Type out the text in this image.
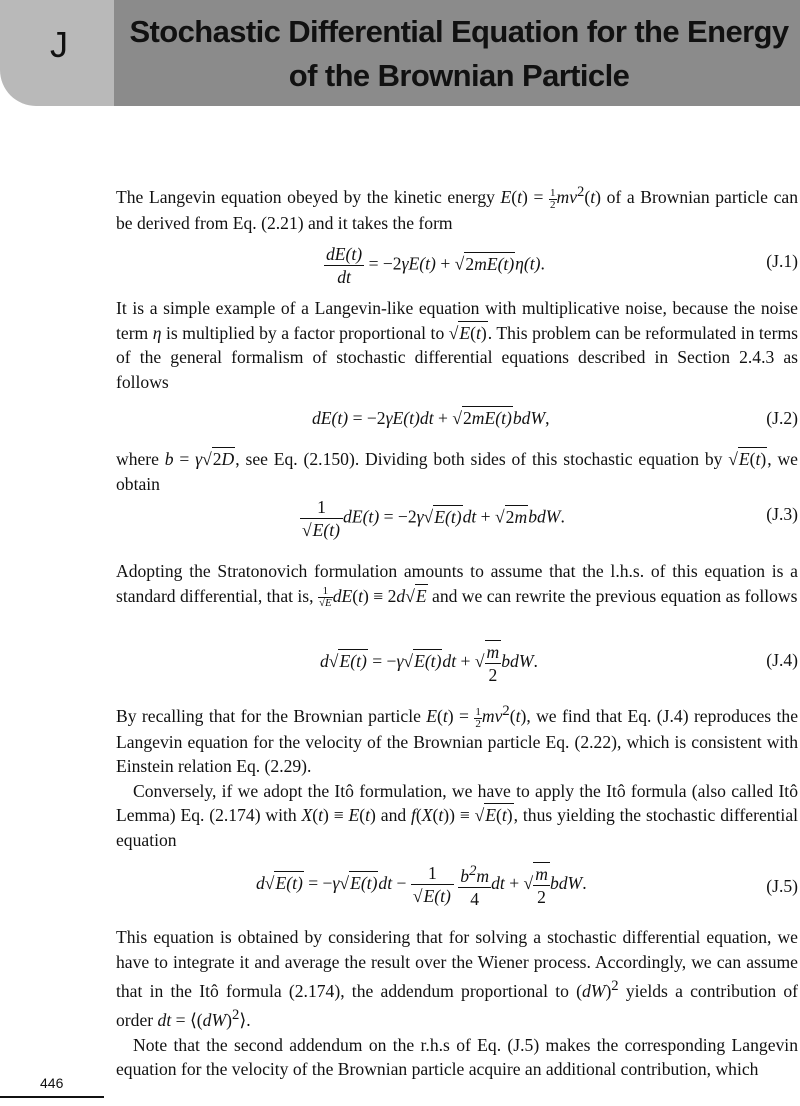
J	Stochastic Differential Equation for the Energy
of the Brownian Particle

The Langevin equation obeyed by the kinetic energy $E(t) = \frac{1}{2} mv^2(t)$ of a Brownian particle can be derived from Eq. (2.21) and it takes the form

$\frac{dE(t)}{dt} = -2\gamma E(t) + √2mE(t)\eta(t)$.	(J.1)

It is a simple example of a Langevin-like equation with multiplicative noise, because the noise term η is multiplied by a factor proportional to √E(t). This problem can be reformulated in terms of the general formalism of stochastic differential equations described in Section 2.4.3 as follows

dE(t) = −2γE(t)dt + √2mE(t)bdW,	(J.2)

where b = γ√2D, see Eq. (2.150). Dividing both sides of this stochastic equation by √E(t), we obtain

$\frac{1}{√E(t)} dE(t) = -2\gamma√E(t)dt$ + √2mbdW.	(J.3)

Adopting the Stratonovich formulation amounts to assume that the l.h.s. of this equation is a standard differential, that is, $\frac{1}{√E} dE(t) \equiv 2d√E$ and we can rewrite the previous equation as follows

d√E(t) = −γ√E(t)dt + √ $\frac{m}{2}$ bdW.	(J.4)

By recalling that for the Brownian particle $E(t) = \frac{1}{2} mv^2(t)$, we find that Eq. (J.4) reproduces the Langevin equation for the velocity of the Brownian particle Eq. (2.22), which is consistent with Einstein relation Eq. (2.29).

Conversely, if we adopt the Itô formulation, we have to apply the Itô formula (also called Itô Lemma) Eq. (2.174) with X(t) ≡ E(t) and f(X(t)) ≡ √E(t), thus yielding the stochastic differential equation

$d√E(t) = -\gamma√E(t)dt - \frac{1}{√E(t)}$
$\frac{b^2m}{4}$ dt + √ $\frac{m}{2}$ bdW.	(J.5)

This equation is obtained by considering that for solving a stochastic differential equation, we have to integrate it and average the result over the Wiener process. Accordingly, we can assume that in the Itô formula (2.174), the addendum proportional to (dW)$^2$ yields a contribution of order dt = ⟨(dW)$^2$⟩.

Note that the second addendum on the r.h.s of Eq. (J.5) makes the corresponding Langevin equation for the velocity of the Brownian particle acquire an additional contribution, which

446
